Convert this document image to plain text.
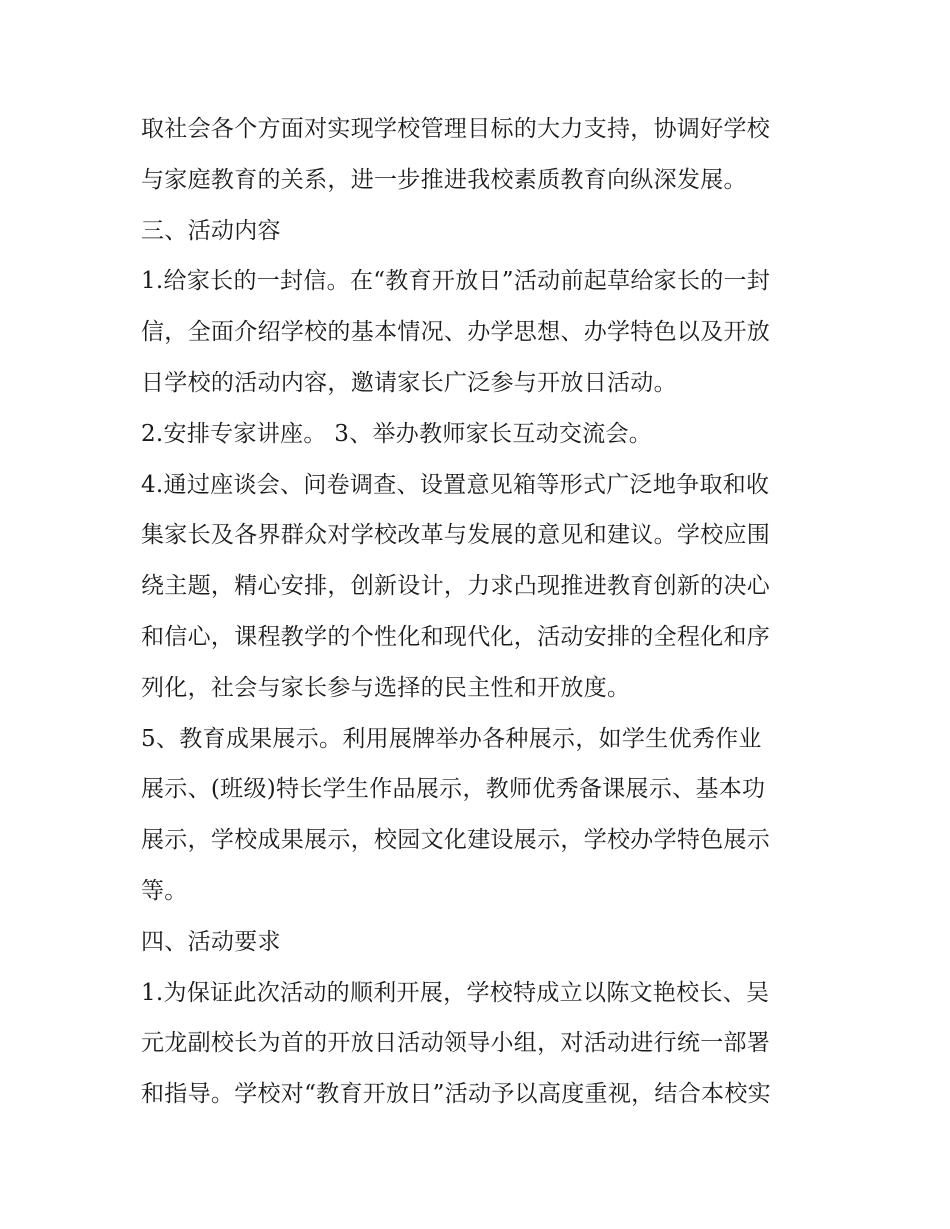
取社会各个方面对实现学校管理目标的大力支持，协调好学校
与家庭教育的关系，进一步推进我校素质教育向纵深发展。
三、活动内容
1.给家长的一封信。在“教育开放日”活动前起草给家长的一封
信，全面介绍学校的基本情况、办学思想、办学特色以及开放
日学校的活动内容，邀请家长广泛参与开放日活动。
2.安排专家讲座。 3、举办教师家长互动交流会。
4.通过座谈会、问卷调查、设置意见箱等形式广泛地争取和收
集家长及各界群众对学校改革与发展的意见和建议。学校应围
绕主题，精心安排，创新设计，力求凸现推进教育创新的决心
和信心，课程教学的个性化和现代化，活动安排的全程化和序
列化，社会与家长参与选择的民主性和开放度。
5、教育成果展示。利用展牌举办各种展示，如学生优秀作业
展示、(班级)特长学生作品展示，教师优秀备课展示、基本功
展示，学校成果展示，校园文化建设展示，学校办学特色展示
等。
四、活动要求
1.为保证此次活动的顺利开展，学校特成立以陈文艳校长、吴
元龙副校长为首的开放日活动领导小组，对活动进行统一部署
和指导。学校对“教育开放日”活动予以高度重视，结合本校实
